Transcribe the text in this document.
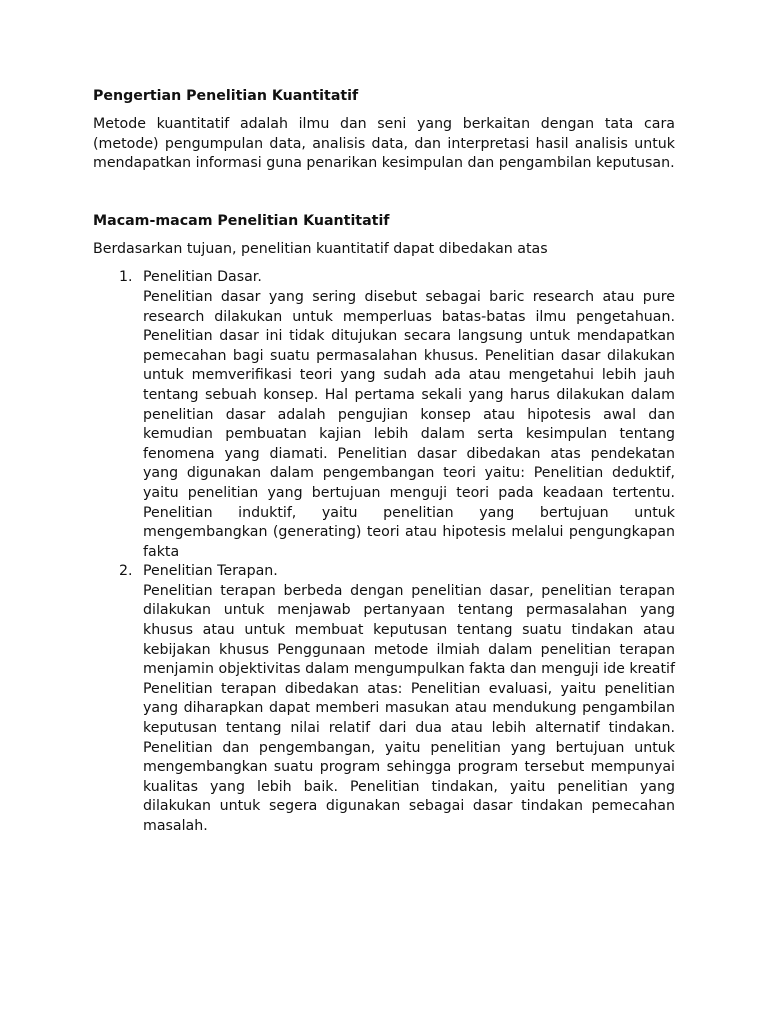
Pengertian Penelitian Kuantitatif

Metode kuantitatif adalah ilmu dan seni yang berkaitan dengan tata cara (metode) pengumpulan data, analisis data, dan interpretasi hasil analisis untuk mendapatkan informasi guna penarikan kesimpulan dan pengambilan keputusan.

Macam-macam Penelitian Kuantitatif

Berdasarkan tujuan, penelitian kuantitatif dapat dibedakan atas

1. Penelitian Dasar.

Penelitian dasar yang sering disebut sebagai baric research atau pure research dilakukan untuk memperluas batas-batas ilmu pengetahuan. Penelitian dasar ini tidak ditujukan secara langsung untuk mendapatkan pemecahan bagi suatu permasalahan khusus. Penelitian dasar dilakukan untuk memverifikasi teori yang sudah ada atau mengetahui lebih jauh tentang sebuah konsep. Hal pertama sekali yang harus dilakukan dalam penelitian dasar adalah pengujian konsep atau hipotesis awal dan kemudian pembuatan kajian lebih dalam serta kesimpulan tentang fenomena yang diamati. Penelitian dasar dibedakan atas pendekatan yang digunakan dalam pengembangan teori yaitu: Penelitian deduktif, yaitu penelitian yang bertujuan menguji teori pada keadaan tertentu. Penelitian induktif, yaitu penelitian yang bertujuan untuk mengembangkan (generating) teori atau hipotesis melalui pengungkapan fakta

2. Penelitian Terapan.

Penelitian terapan berbeda dengan penelitian dasar, penelitian terapan dilakukan untuk menjawab pertanyaan tentang permasalahan yang khusus atau untuk membuat keputusan tentang suatu tindakan atau kebijakan khusus Penggunaan metode ilmiah dalam penelitian terapan menjamin objektivitas dalam mengumpulkan fakta dan menguji ide kreatif Penelitian terapan dibedakan atas: Penelitian evaluasi, yaitu penelitian yang diharapkan dapat memberi masukan atau mendukung pengambilan keputusan tentang nilai relatif dari dua atau lebih alternatif tindakan. Penelitian dan pengembangan, yaitu penelitian yang bertujuan untuk mengembangkan suatu program sehingga program tersebut mempunyai kualitas yang lebih baik. Penelitian tindakan, yaitu penelitian yang dilakukan untuk segera digunakan sebagai dasar tindakan pemecahan masalah.
